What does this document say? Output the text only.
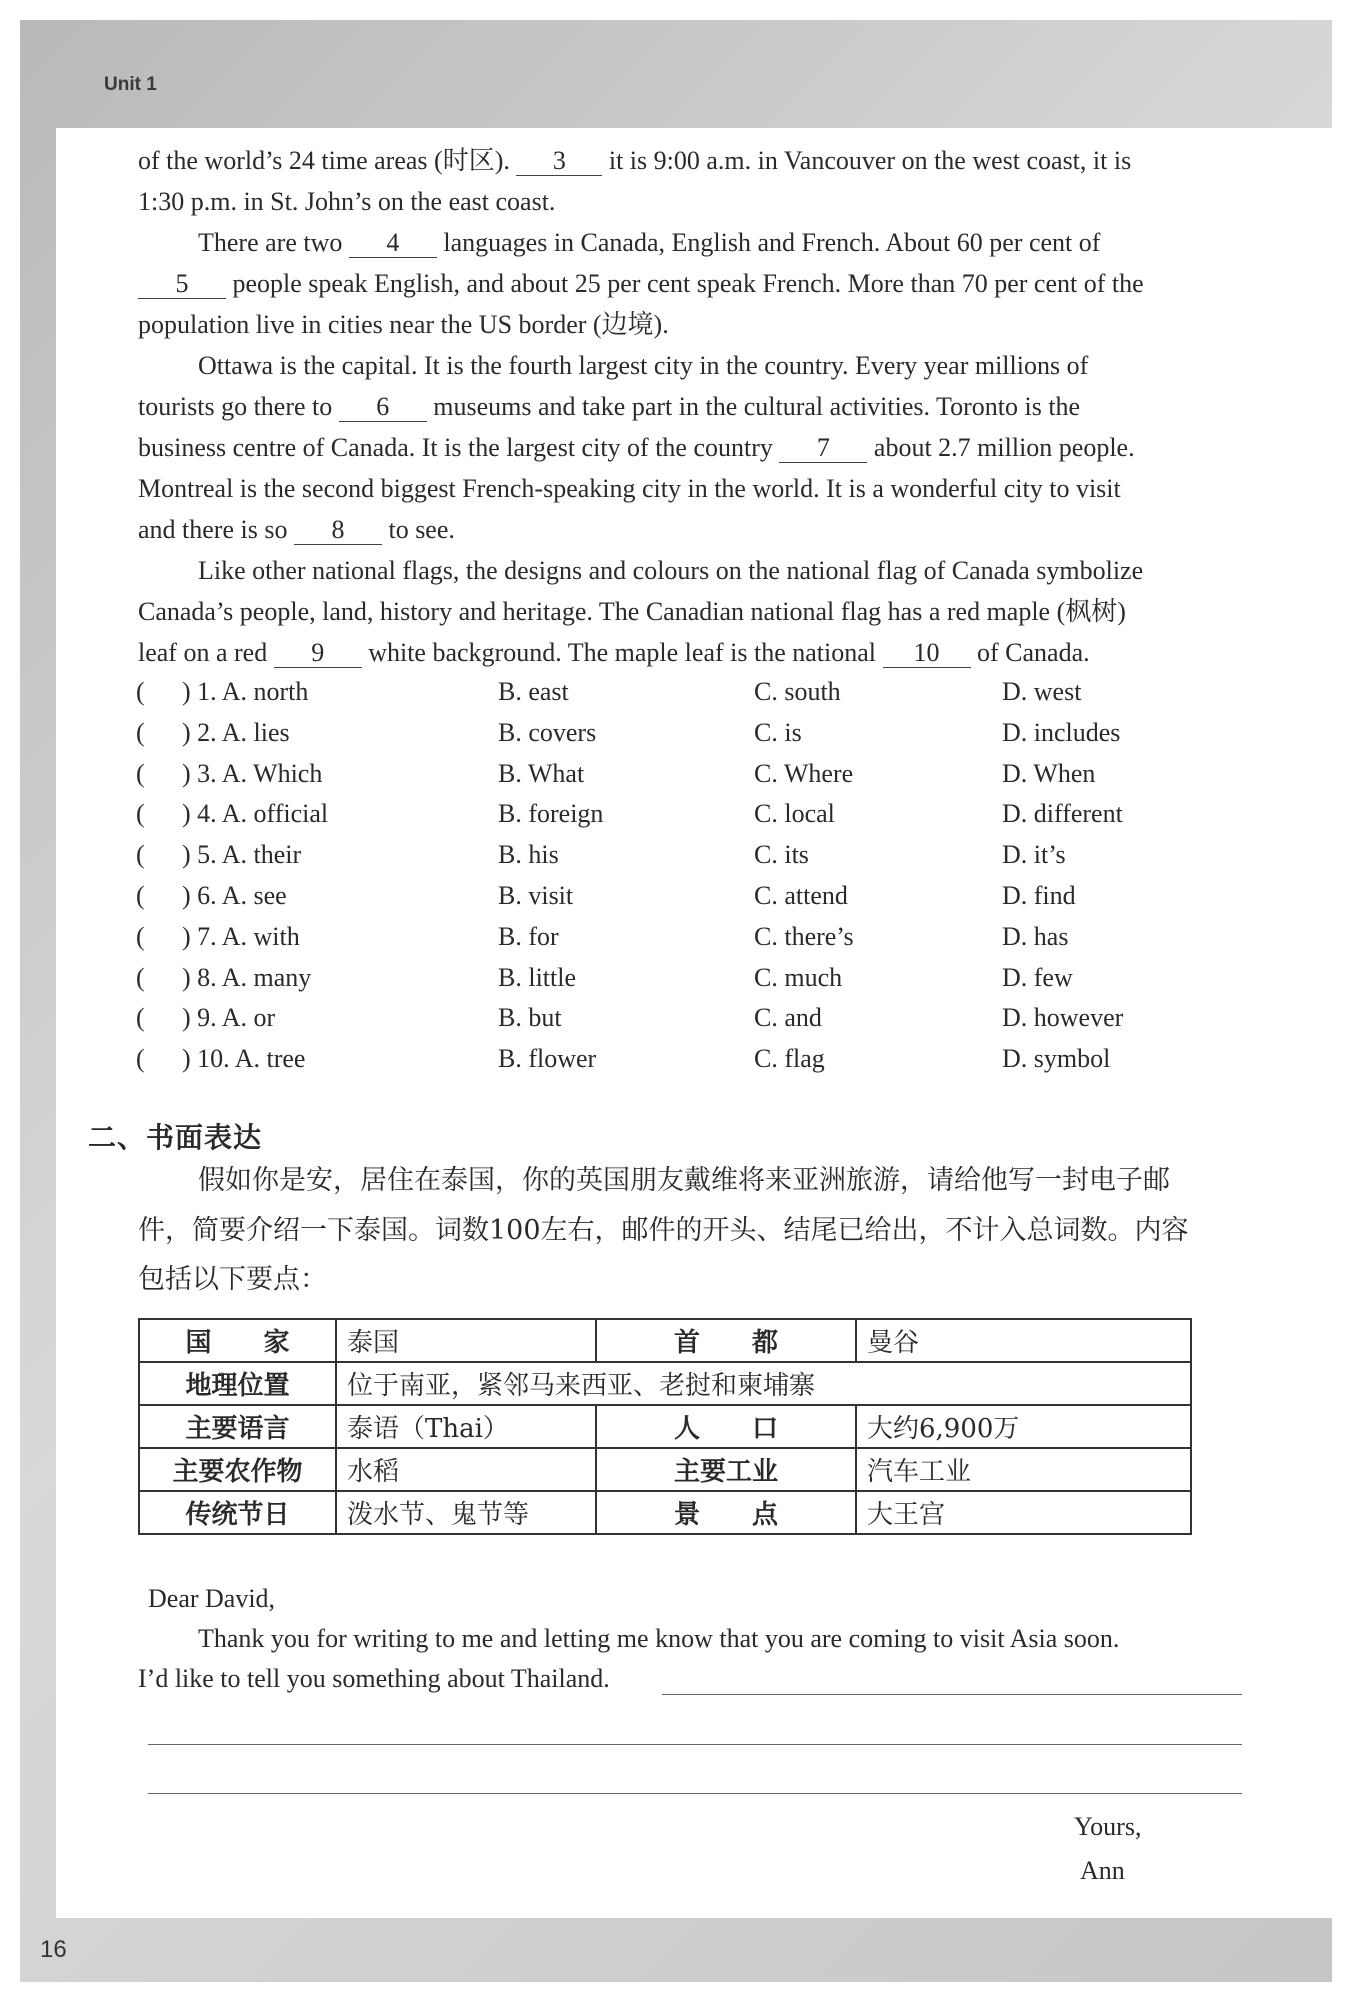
Unit 1
of the world’s 24 time areas (时区). 3 it is 9:00 a.m. in Vancouver on the west coast, it is
1:30 p.m. in St. John’s on the east coast.
There are two 4 languages in Canada, English and French. About 60 per cent of
5 people speak English, and about 25 per cent speak French. More than 70 per cent of the
population live in cities near the US border (边境).
Ottawa is the capital. It is the fourth largest city in the country. Every year millions of
tourists go there to 6 museums and take part in the cultural activities. Toronto is the
business centre of Canada. It is the largest city of the country 7 about 2.7 million people.
Montreal is the second biggest French-speaking city in the world. It is a wonderful city to visit
and there is so 8 to see.
Like other national flags, the designs and colours on the national flag of Canada symbolize
Canada’s people, land, history and heritage. The Canadian national flag has a red maple (枫树)
leaf on a red 9 white background. The maple leaf is the national 10 of Canada.
( ) 1. A. north	B. east	C. south	D. west
( ) 2. A. lies	B. covers	C. is	D. includes
( ) 3. A. Which	B. What	C. Where	D. When
( ) 4. A. official	B. foreign	C. local	D. different
( ) 5. A. their	B. his	C. its	D. it’s
( ) 6. A. see	B. visit	C. attend	D. find
( ) 7. A. with	B. for	C. there’s	D. has
( ) 8. A. many	B. little	C. much	D. few
( ) 9. A. or	B. but	C. and	D. however
( ) 10. A. tree	B. flower	C. flag	D. symbol
二、书面表达
假如你是安，居住在泰国，你的英国朋友戴维将来亚洲旅游，请给他写一封电子邮
件，简要介绍一下泰国。词数100左右，邮件的开头、结尾已给出，不计入总词数。内容
包括以下要点：
国　　家	泰国	首　　都	曼谷
地理位置	位于南亚，紧邻马来西亚、老挝和柬埔寨		
主要语言	泰语（Thai）	人　　口	大约6,900万
主要农作物	水稻	主要工业	汽车工业
传统节日	泼水节、鬼节等	景　　点	大王宫
Dear David,
Thank you for writing to me and letting me know that you are coming to visit Asia soon.
I’d like to tell you something about Thailand.
Yours,
Ann
16
